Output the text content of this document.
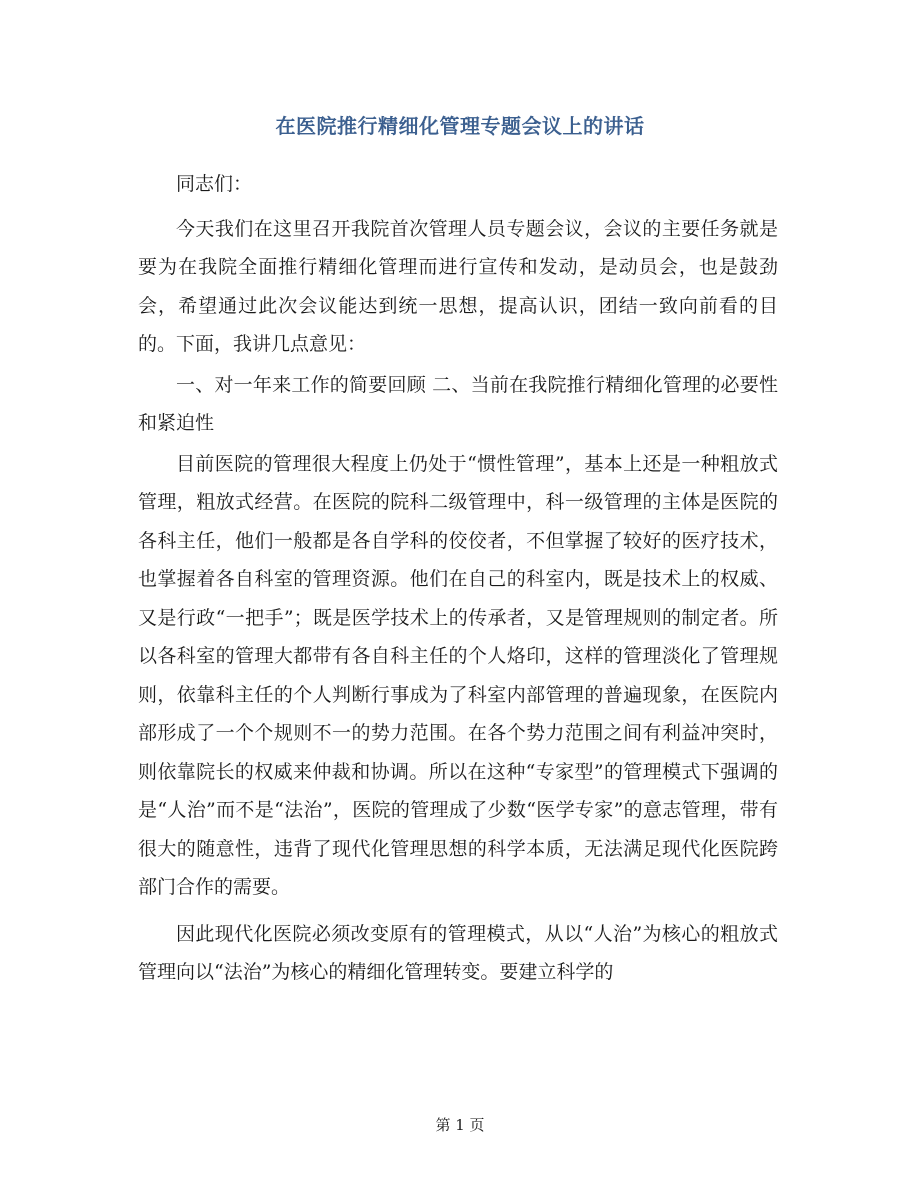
在医院推行精细化管理专题会议上的讲话

同志们：

今天我们在这里召开我院首次管理人员专题会议，会议的主要任务就是要为在我院全面推行精细化管理而进行宣传和发动，是动员会，也是鼓劲会，希望通过此次会议能达到统一思想，提高认识，团结一致向前看的目的。下面，我讲几点意见：

一、对一年来工作的简要回顾 二、当前在我院推行精细化管理的必要性和紧迫性

目前医院的管理很大程度上仍处于“惯性管理”，基本上还是一种粗放式管理，粗放式经营。在医院的院科二级管理中，科一级管理的主体是医院的各科主任，他们一般都是各自学科的佼佼者，不但掌握了较好的医疗技术，也掌握着各自科室的管理资源。他们在自己的科室内，既是技术上的权威、又是行政“一把手”；既是医学技术上的传承者，又是管理规则的制定者。所以各科室的管理大都带有各自科主任的个人烙印，这样的管理淡化了管理规则，依靠科主任的个人判断行事成为了科室内部管理的普遍现象，在医院内部形成了一个个规则不一的势力范围。在各个势力范围之间有利益冲突时，则依靠院长的权威来仲裁和协调。所以在这种“专家型”的管理模式下强调的是“人治”而不是“法治”，医院的管理成了少数“医学专家”的意志管理，带有很大的随意性，违背了现代化管理思想的科学本质，无法满足现代化医院跨部门合作的需要。

因此现代化医院必须改变原有的管理模式，从以“人治”为核心的粗放式管理向以“法治”为核心的精细化管理转变。要建立科学的

第 1 页
